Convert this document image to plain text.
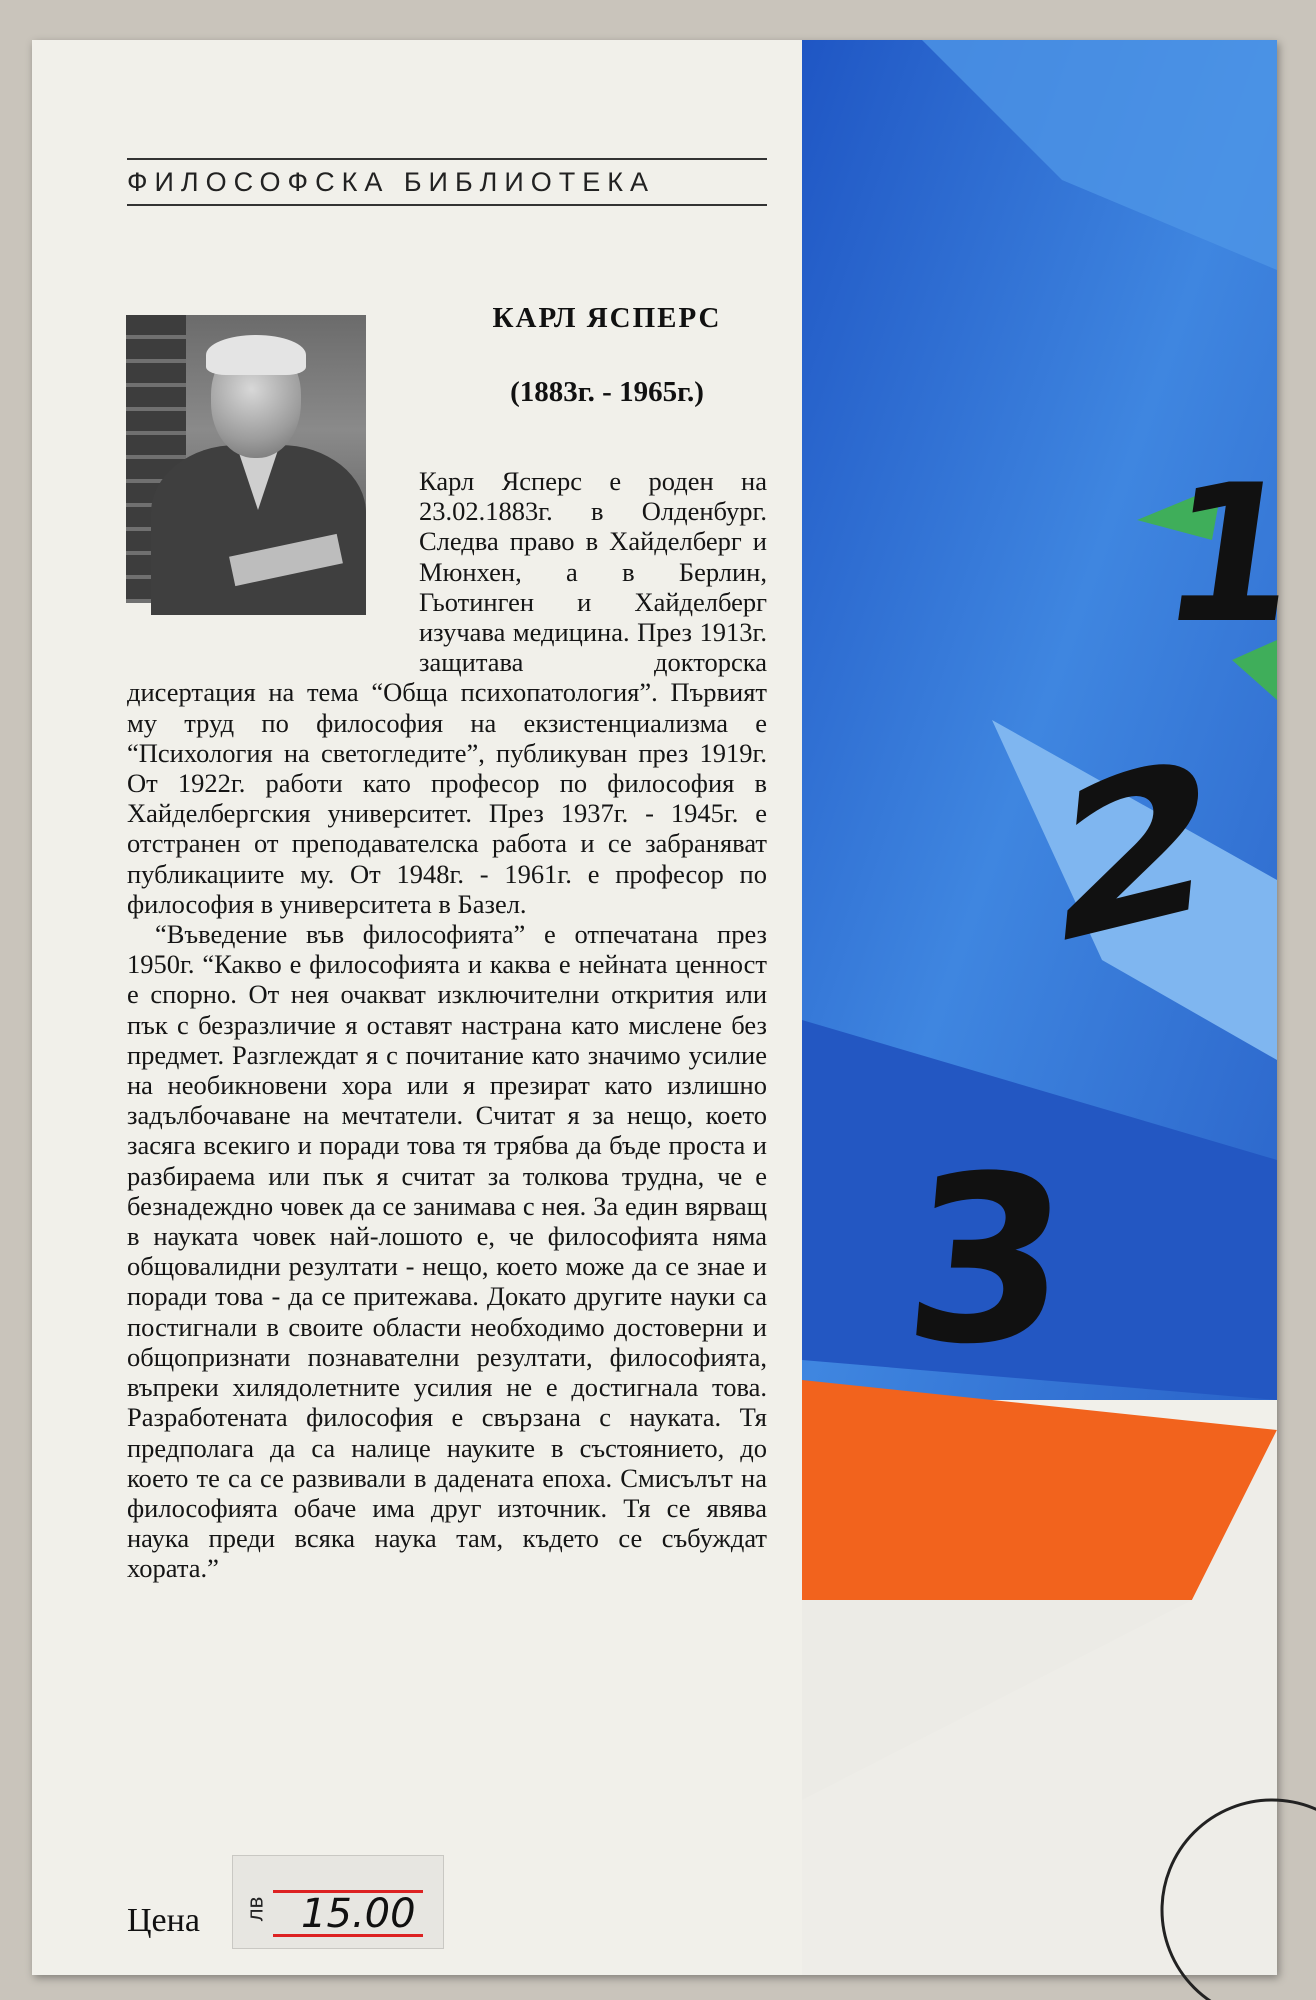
ФИЛОСОФСКА БИБЛИОТЕКА
КАРЛ ЯСПЕРС
(1883г. - 1965г.)

Карл Ясперс е роден на 23.02.1883г. в Олденбург. Следва право в Хайделберг и Мюнхен, а в Берлин, Гьотинген и Хайделберг изучава медицина. През 1913г. защитава докторска дисертация на тема “Обща психопатология”. Първият му труд по философия на екзистенциализма е “Психология на светогледите”, публикуван през 1919г. От 1922г. работи като професор по философия в Хайделбергския университет. През 1937г. - 1945г. е отстранен от преподавателска работа и се забраняват публикациите му. От 1948г. - 1961г. е професор по философия в университета в Базел.

“Въведение във философията” е отпечатана през 1950г. “Какво е философията и каква е нейната ценност е спорно. От нея очакват изключителни открития или пък с безразличие я оставят настрана като мислене без предмет. Разглеждат я с почитание като значимо усилие на необикновени хора или я презират като излишно задълбочаване на мечтатели. Считат я за нещо, което засяга всекиго и поради това тя трябва да бъде проста и разбираема или пък я считат за толкова трудна, че е безнадеждно човек да се занимава с нея. За един вярващ в науката човек най-лошото е, че философията няма общовалидни резултати - нещо, което може да се знае и поради това - да се притежава. Докато другите науки са постигнали в своите области необходимо достоверни и общопризнати познавателни резултати, философията, въпреки хилядолетните усилия не е достигнала това. Разработената философия е свързана с науката. Тя предполага да са налице науките в състоянието, до което те са се развивали в дадената епоха. Смисълът на философията обаче има друг източник. Тя се явява наука преди всяка наука там, където се събуждат хората.”

Цена лв 15.00
1
2
3
